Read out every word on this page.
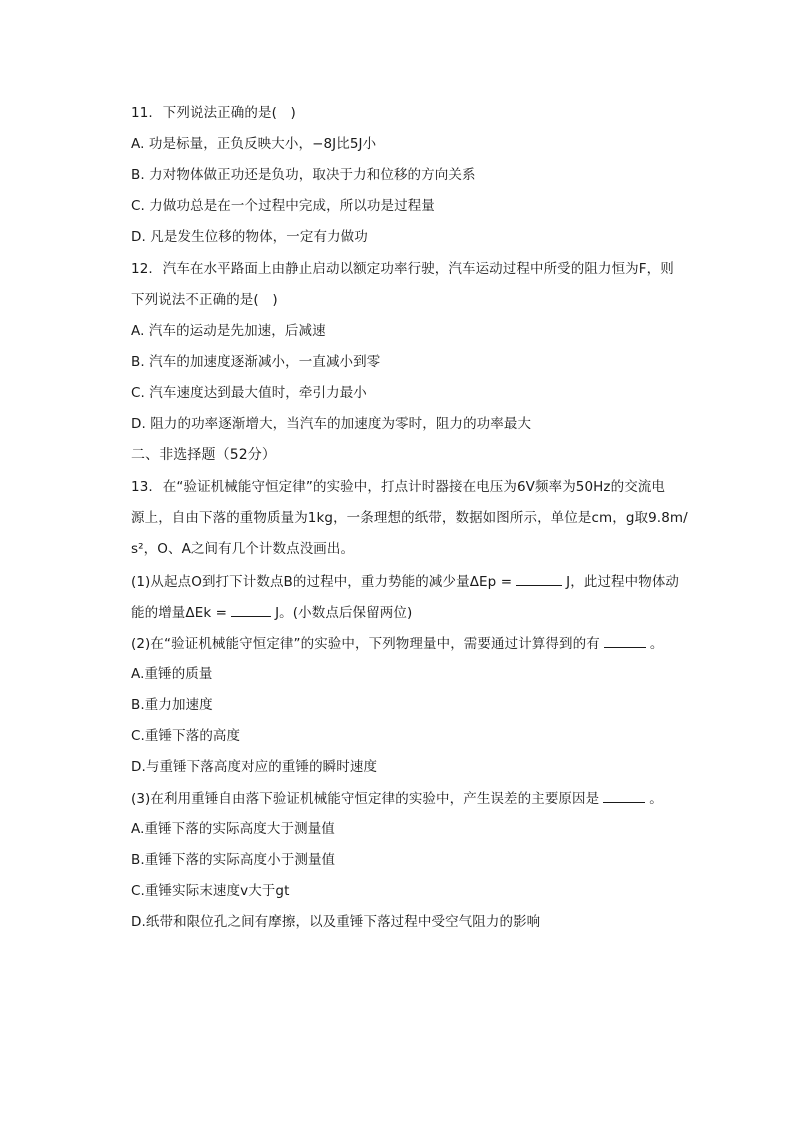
11. 下列说法正确的是(　)
A. 功是标量，正负反映大小，−8J比5J小
B. 力对物体做正功还是负功，取决于力和位移的方向关系
C. 力做功总是在一个过程中完成，所以功是过程量
D. 凡是发生位移的物体，一定有力做功
12. 汽车在水平路面上由静止启动以额定功率行驶，汽车运动过程中所受的阻力恒为F，则
下列说法不正确的是(　)
A. 汽车的运动是先加速，后减速
B. 汽车的加速度逐渐减小，一直减小到零
C. 汽车速度达到最大值时，牵引力最小
D. 阻力的功率逐渐增大，当汽车的加速度为零时，阻力的功率最大
二、非选择题（52分）
13. 在“验证机械能守恒定律”的实验中，打点计时器接在电压为6V频率为50Hz的交流电
源上，自由下落的重物质量为1kg，一条理想的纸带，数据如图所示，单位是cm，g取9.8m/
s²，O、A之间有几个计数点没画出。
(1)从起点O到打下计数点B的过程中，重力势能的减少量ΔEp =	J，此过程中物体动
能的增量ΔEk =	J。(小数点后保留两位)
(2)在“验证机械能守恒定律”的实验中，下列物理量中，需要通过计算得到的有	。
A.重锤的质量
B.重力加速度
C.重锤下落的高度
D.与重锤下落高度对应的重锤的瞬时速度
(3)在利用重锤自由落下验证机械能守恒定律的实验中，产生误差的主要原因是	。
A.重锤下落的实际高度大于测量值
B.重锤下落的实际高度小于测量值
C.重锤实际末速度v大于gt
D.纸带和限位孔之间有摩擦，以及重锤下落过程中受空气阻力的影响
